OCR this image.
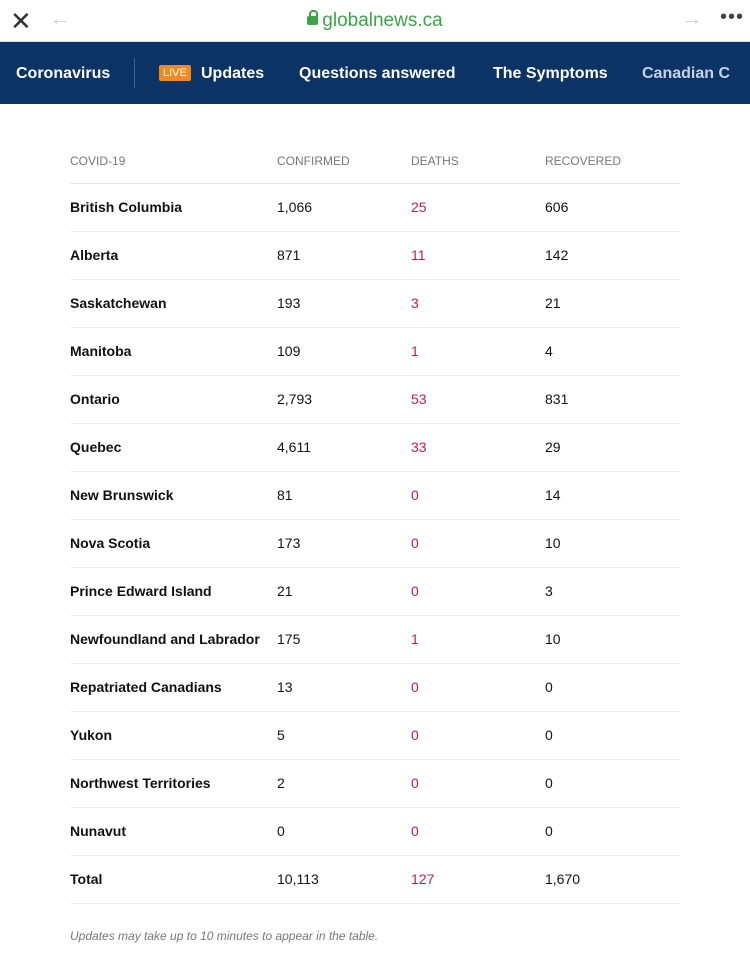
✕ ←	globalnews.ca	→ •••
Coronavirus	LIVE Updates Questions answered The Symptoms Canadian C
COVID-19	CONFIRMED	DEATHS	RECOVERED
British Columbia	1,066	25	606
Alberta	871	11	142
Saskatchewan	193	3	21
Manitoba	109	1	4
Ontario	2,793	53	831
Quebec	4,611	33	29
New Brunswick	81	0	14
Nova Scotia	173	0	10
Prince Edward Island	21	0	3
Newfoundland and Labrador	175	1	10
Repatriated Canadians	13	0	0
Yukon	5	0	0
Northwest Territories	2	0	0
Nunavut	0	0	0
Total	10,113	127	1,670
Updates may take up to 10 minutes to appear in the table.
